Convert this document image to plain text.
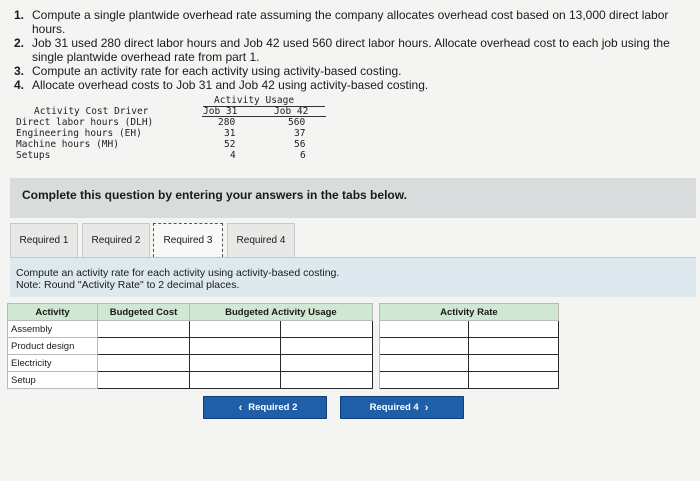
1. Compute a single plantwide overhead rate assuming the company allocates overhead cost based on 13,000 direct labor hours.
2. Job 31 used 280 direct labor hours and Job 42 used 560 direct labor hours. Allocate overhead cost to each job using the single plantwide overhead rate from part 1.
3. Compute an activity rate for each activity using activity-based costing.
4. Allocate overhead costs to Job 31 and Job 42 using activity-based costing.
Activity Usage
Activity Cost Driver	Job 31	Job 42
Direct labor hours (DLH)	280	560
Engineering hours (EH)	31	37
Machine hours (MH)	52	56
Setups	4	6
Complete this question by entering your answers in the tabs below.
Required 1	Required 2	Required 3	Required 4
Compute an activity rate for each activity using activity-based costing.
Note: Round "Activity Rate" to 2 decimal places.
Activity	Budgeted Cost	Budgeted Activity Usage			Activity Rate	
Assembly						
Product design						
Electricity						
Setup						
‹ Required 2	Required 4 ›
